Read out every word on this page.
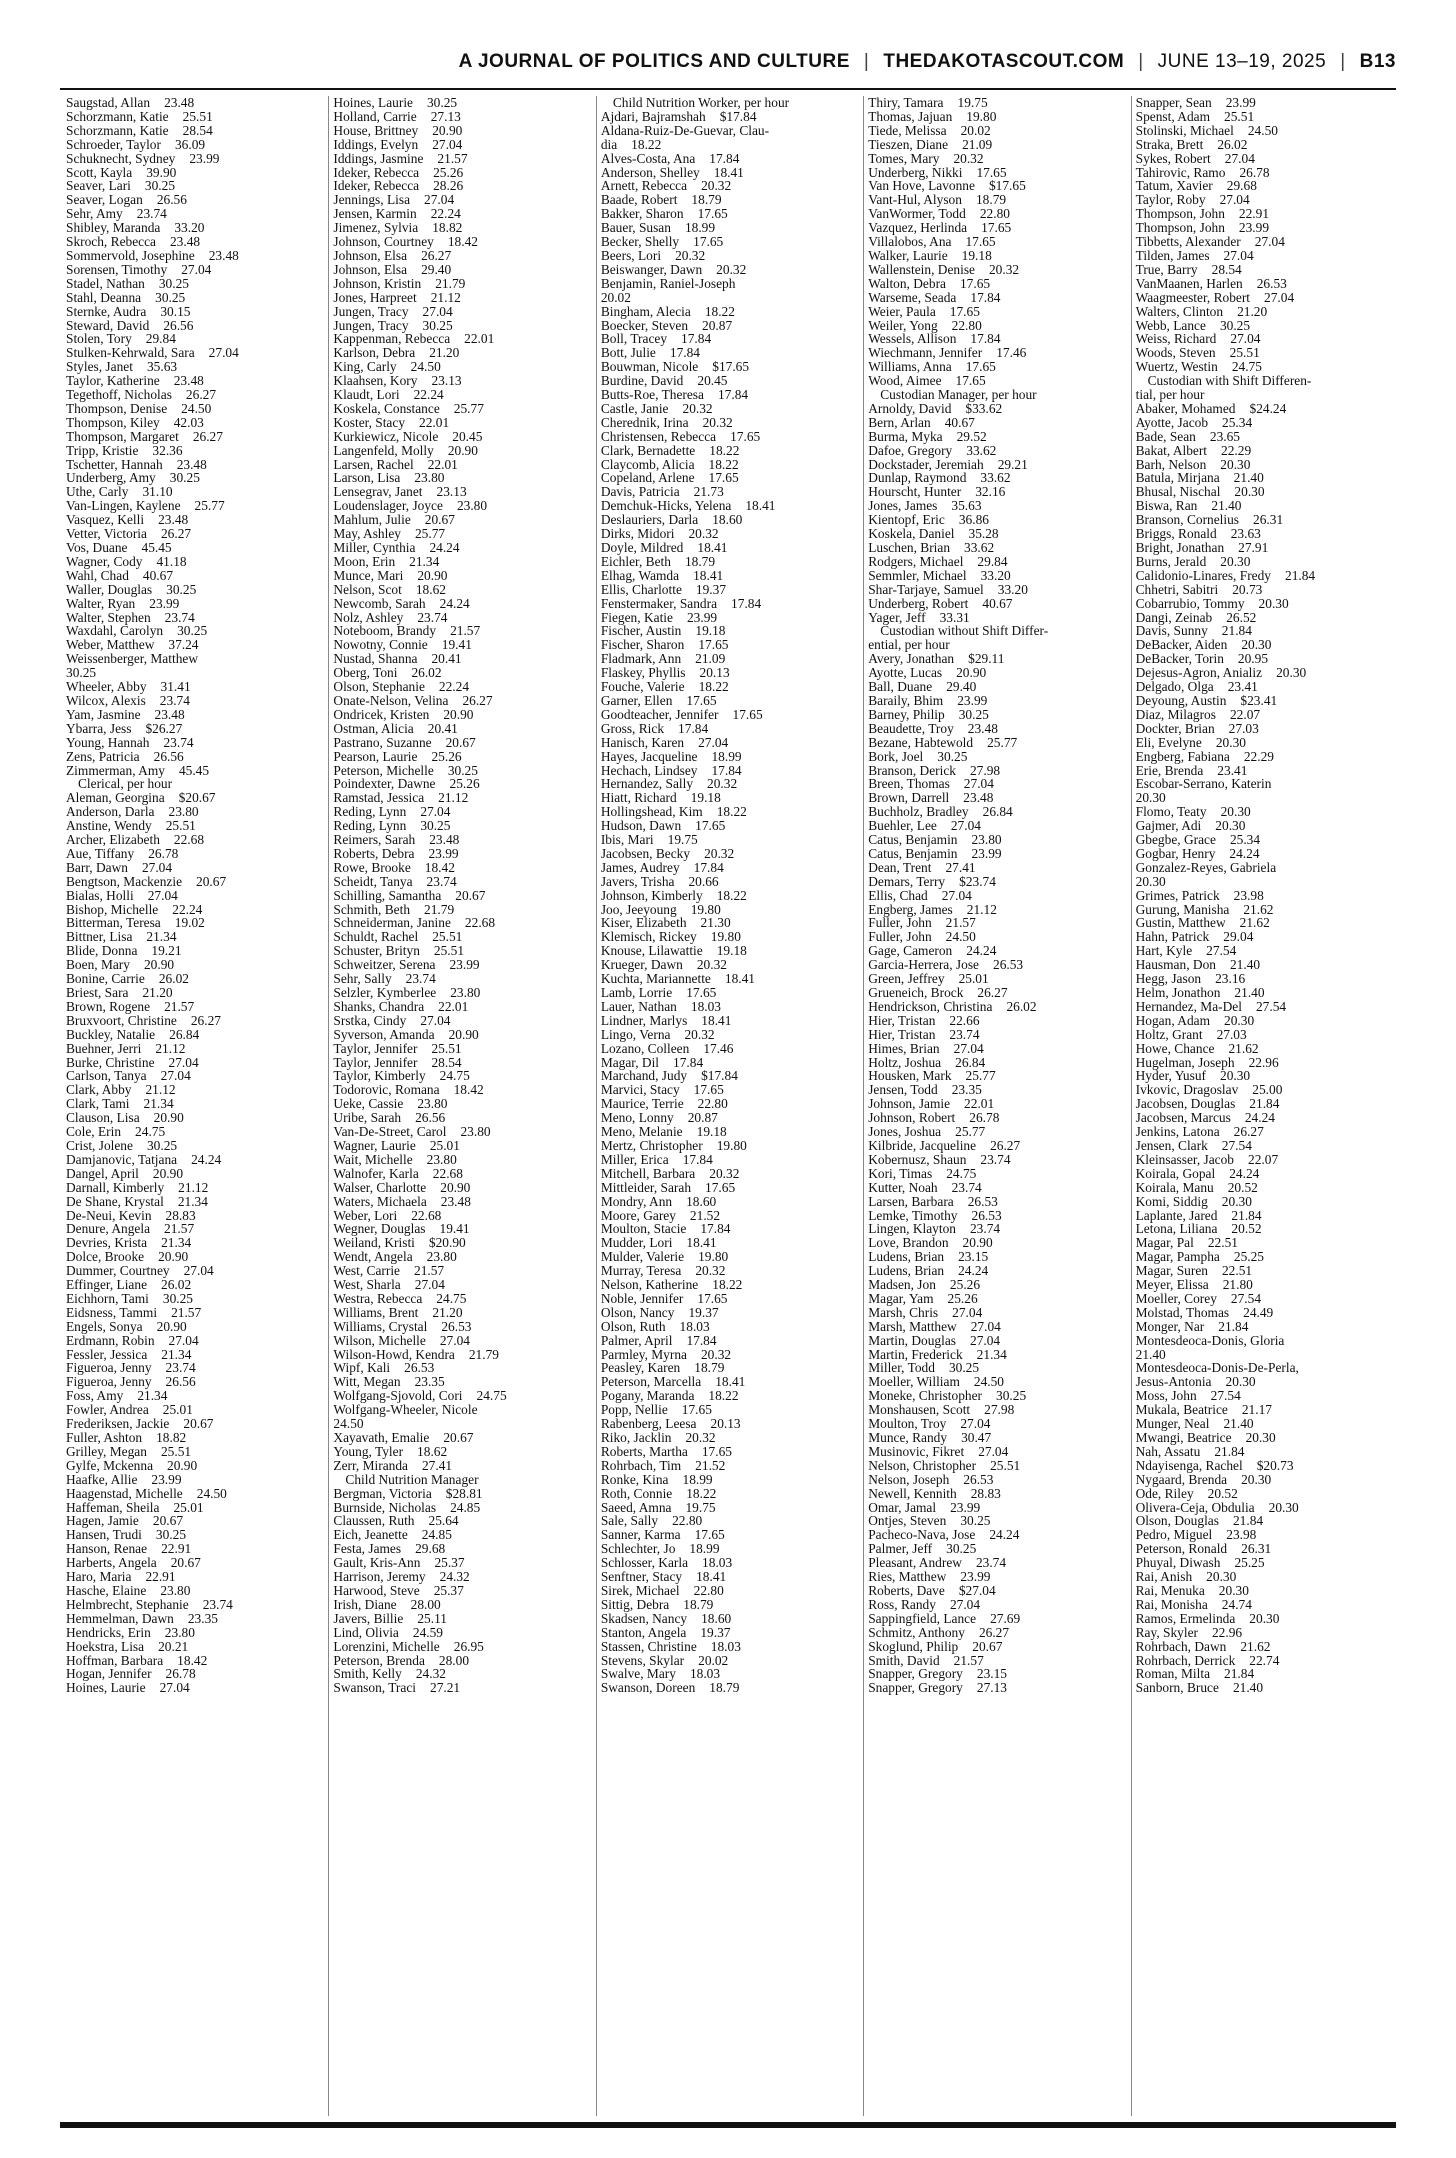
A JOURNAL OF POLITICS AND CULTURE | THEDAKOTASCOUT.COM | JUNE 13–19, 2025 | B13
Saugstad, Allan 23.48
Schorzmann, Katie 25.51
Schorzmann, Katie 28.54
Schroeder, Taylor 36.09
Schuknecht, Sydney 23.99
Scott, Kayla 39.90
Seaver, Lari 30.25
Seaver, Logan 26.56
Sehr, Amy 23.74
Shibley, Maranda 33.20
Skroch, Rebecca 23.48
Sommervold, Josephine 23.48
Sorensen, Timothy 27.04
Stadel, Nathan 30.25
Stahl, Deanna 30.25
Sternke, Audra 30.15
Steward, David 26.56
Stolen, Tory 29.84
Stulken-Kehrwald, Sara 27.04
Styles, Janet 35.63
Taylor, Katherine 23.48
Tegethoff, Nicholas 26.27
Thompson, Denise 24.50
Thompson, Kiley 42.03
Thompson, Margaret 26.27
Tripp, Kristie 32.36
Tschetter, Hannah 23.48
Underberg, Amy 30.25
Uthe, Carly 31.10
Van-Lingen, Kaylene 25.77
Vasquez, Kelli 23.48
Vetter, Victoria 26.27
Vos, Duane 45.45
Wagner, Cody 41.18
Wahl, Chad 40.67
Waller, Douglas 30.25
Walter, Ryan 23.99
Walter, Stephen 23.74
Waxdahl, Carolyn 30.25
Weber, Matthew 37.24
Weissenberger, Matthew
30.25
Wheeler, Abby 31.41
Wilcox, Alexis 23.74
Yam, Jasmine 23.48
Ybarra, Jess $26.27
Young, Hannah 23.74
Zens, Patricia 26.56
Zimmerman, Amy 45.45
Clerical, per hour
Aleman, Georgina $20.67
Anderson, Darla 23.80
Anstine, Wendy 25.51
Archer, Elizabeth 22.68
Aue, Tiffany 26.78
Barr, Dawn 27.04
Bengtson, Mackenzie 20.67
Bialas, Holli 27.04
Bishop, Michelle 22.24
Bitterman, Teresa 19.02
Bittner, Lisa 21.34
Blide, Donna 19.21
Boen, Mary 20.90
Bonine, Carrie 26.02
Briest, Sara 21.20
Brown, Rogene 21.57
Bruxvoort, Christine 26.27
Buckley, Natalie 26.84
Buehner, Jerri 21.12
Burke, Christine 27.04
Carlson, Tanya 27.04
Clark, Abby 21.12
Clark, Tami 21.34
Clauson, Lisa 20.90
Cole, Erin 24.75
Crist, Jolene 30.25
Damjanovic, Tatjana 24.24
Dangel, April 20.90
Darnall, Kimberly 21.12
De Shane, Krystal 21.34
De-Neui, Kevin 28.83
Denure, Angela 21.57
Devries, Krista 21.34
Dolce, Brooke 20.90
Dummer, Courtney 27.04
Effinger, Liane 26.02
Eichhorn, Tami 30.25
Eidsness, Tammi 21.57
Engels, Sonya 20.90
Erdmann, Robin 27.04
Fessler, Jessica 21.34
Figueroa, Jenny 23.74
Figueroa, Jenny 26.56
Foss, Amy 21.34
Fowler, Andrea 25.01
Frederiksen, Jackie 20.67
Fuller, Ashton 18.82
Grilley, Megan 25.51
Gylfe, Mckenna 20.90
Haafke, Allie 23.99
Haagenstad, Michelle 24.50
Haffeman, Sheila 25.01
Hagen, Jamie 20.67
Hansen, Trudi 30.25
Hanson, Renae 22.91
Harberts, Angela 20.67
Haro, Maria 22.91
Hasche, Elaine 23.80
Helmbrecht, Stephanie 23.74
Hemmelman, Dawn 23.35
Hendricks, Erin 23.80
Hoekstra, Lisa 20.21
Hoffman, Barbara 18.42
Hogan, Jennifer 26.78
Hoines, Laurie 27.04
Hoines, Laurie 30.25
Holland, Carrie 27.13
House, Brittney 20.90
Iddings, Evelyn 27.04
Iddings, Jasmine 21.57
Ideker, Rebecca 25.26
Ideker, Rebecca 28.26
Jennings, Lisa 27.04
Jensen, Karmin 22.24
Jimenez, Sylvia 18.82
Johnson, Courtney 18.42
Johnson, Elsa 26.27
Johnson, Elsa 29.40
Johnson, Kristin 21.79
Jones, Harpreet 21.12
Jungen, Tracy 27.04
Jungen, Tracy 30.25
Kappenman, Rebecca 22.01
Karlson, Debra 21.20
King, Carly 24.50
Klaahsen, Kory 23.13
Klaudt, Lori 22.24
Koskela, Constance 25.77
Koster, Stacy 22.01
Kurkiewicz, Nicole 20.45
Langenfeld, Molly 20.90
Larsen, Rachel 22.01
Larson, Lisa 23.80
Lensegrav, Janet 23.13
Loudenslager, Joyce 23.80
Mahlum, Julie 20.67
May, Ashley 25.77
Miller, Cynthia 24.24
Moon, Erin 21.34
Munce, Mari 20.90
Nelson, Scot 18.62
Newcomb, Sarah 24.24
Nolz, Ashley 23.74
Noteboom, Brandy 21.57
Nowotny, Connie 19.41
Nustad, Shanna 20.41
Oberg, Toni 26.02
Olson, Stephanie 22.24
Onate-Nelson, Velina 26.27
Ondricek, Kristen 20.90
Ostman, Alicia 20.41
Pastrano, Suzanne 20.67
Pearson, Laurie 25.26
Peterson, Michelle 30.25
Poindexter, Dawne 25.26
Ramstad, Jessica 21.12
Reding, Lynn 27.04
Reding, Lynn 30.25
Reimers, Sarah 23.48
Roberts, Debra 23.99
Rowe, Brooke 18.42
Scheidt, Tanya 23.74
Schilling, Samantha 20.67
Schmith, Beth 21.79
Schneiderman, Janine 22.68
Schuldt, Rachel 25.51
Schuster, Brityn 25.51
Schweitzer, Serena 23.99
Sehr, Sally 23.74
Selzler, Kymberlee 23.80
Shanks, Chandra 22.01
Srstka, Cindy 27.04
Syverson, Amanda 20.90
Taylor, Jennifer 25.51
Taylor, Jennifer 28.54
Taylor, Kimberly 24.75
Todorovic, Romana 18.42
Ueke, Cassie 23.80
Uribe, Sarah 26.56
Van-De-Street, Carol 23.80
Wagner, Laurie 25.01
Wait, Michelle 23.80
Walnofer, Karla 22.68
Walser, Charlotte 20.90
Waters, Michaela 23.48
Weber, Lori 22.68
Wegner, Douglas 19.41
Weiland, Kristi $20.90
Wendt, Angela 23.80
West, Carrie 21.57
West, Sharla 27.04
Westra, Rebecca 24.75
Williams, Brent 21.20
Williams, Crystal 26.53
Wilson, Michelle 27.04
Wilson-Howd, Kendra 21.79
Wipf, Kali 26.53
Witt, Megan 23.35
Wolfgang-Sjovold, Cori 24.75
Wolfgang-Wheeler, Nicole
24.50
Xayavath, Emalie 20.67
Young, Tyler 18.62
Zerr, Miranda 27.41
Child Nutrition Manager
Bergman, Victoria $28.81
Burnside, Nicholas 24.85
Claussen, Ruth 25.64
Eich, Jeanette 24.85
Festa, James 29.68
Gault, Kris-Ann 25.37
Harrison, Jeremy 24.32
Harwood, Steve 25.37
Irish, Diane 28.00
Javers, Billie 25.11
Lind, Olivia 24.59
Lorenzini, Michelle 26.95
Peterson, Brenda 28.00
Smith, Kelly 24.32
Swanson, Traci 27.21
Child Nutrition Worker, per hour
Ajdari, Bajramshah $17.84
Aldana-Ruiz-De-Guevar, Clau-
dia 18.22
Alves-Costa, Ana 17.84
Anderson, Shelley 18.41
Arnett, Rebecca 20.32
Baade, Robert 18.79
Bakker, Sharon 17.65
Bauer, Susan 18.99
Becker, Shelly 17.65
Beers, Lori 20.32
Beiswanger, Dawn 20.32
Benjamin, Raniel-Joseph
20.02
Bingham, Alecia 18.22
Boecker, Steven 20.87
Boll, Tracey 17.84
Bott, Julie 17.84
Bouwman, Nicole $17.65
Burdine, David 20.45
Butts-Roe, Theresa 17.84
Castle, Janie 20.32
Cherednik, Irina 20.32
Christensen, Rebecca 17.65
Clark, Bernadette 18.22
Claycomb, Alicia 18.22
Copeland, Arlene 17.65
Davis, Patricia 21.73
Demchuk-Hicks, Yelena 18.41
Deslauriers, Darla 18.60
Dirks, Midori 20.32
Doyle, Mildred 18.41
Eichler, Beth 18.79
Elhag, Wamda 18.41
Ellis, Charlotte 19.37
Fenstermaker, Sandra 17.84
Fiegen, Katie 23.99
Fischer, Austin 19.18
Fischer, Sharon 17.65
Fladmark, Ann 21.09
Flaskey, Phyllis 20.13
Fouche, Valerie 18.22
Garner, Ellen 17.65
Goodteacher, Jennifer 17.65
Gross, Rick 17.84
Hanisch, Karen 27.04
Hayes, Jacqueline 18.99
Hechach, Lindsey 17.84
Hernandez, Sally 20.32
Hiatt, Richard 19.18
Hollingshead, Kim 18.22
Hudson, Dawn 17.65
Ibis, Mari 19.75
Jacobsen, Becky 20.32
James, Audrey 17.84
Javers, Trisha 20.66
Johnson, Kimberly 18.22
Joo, Jeeyoung 19.80
Kiser, Elizabeth 21.30
Klemisch, Rickey 19.80
Knouse, Lilawattie 19.18
Krueger, Dawn 20.32
Kuchta, Mariannette 18.41
Lamb, Lorrie 17.65
Lauer, Nathan 18.03
Lindner, Marlys 18.41
Lingo, Verna 20.32
Lozano, Colleen 17.46
Magar, Dil 17.84
Marchand, Judy $17.84
Marvici, Stacy 17.65
Maurice, Terrie 22.80
Meno, Lonny 20.87
Meno, Melanie 19.18
Mertz, Christopher 19.80
Miller, Erica 17.84
Mitchell, Barbara 20.32
Mittleider, Sarah 17.65
Mondry, Ann 18.60
Moore, Garey 21.52
Moulton, Stacie 17.84
Mudder, Lori 18.41
Mulder, Valerie 19.80
Murray, Teresa 20.32
Nelson, Katherine 18.22
Noble, Jennifer 17.65
Olson, Nancy 19.37
Olson, Ruth 18.03
Palmer, April 17.84
Parmley, Myrna 20.32
Peasley, Karen 18.79
Peterson, Marcella 18.41
Pogany, Maranda 18.22
Popp, Nellie 17.65
Rabenberg, Leesa 20.13
Riko, Jacklin 20.32
Roberts, Martha 17.65
Rohrbach, Tim 21.52
Ronke, Kina 18.99
Roth, Connie 18.22
Saeed, Amna 19.75
Sale, Sally 22.80
Sanner, Karma 17.65
Schlechter, Jo 18.99
Schlosser, Karla 18.03
Senftner, Stacy 18.41
Sirek, Michael 22.80
Sittig, Debra 18.79
Skadsen, Nancy 18.60
Stanton, Angela 19.37
Stassen, Christine 18.03
Stevens, Skylar 20.02
Swalve, Mary 18.03
Swanson, Doreen 18.79
Thiry, Tamara 19.75
Thomas, Jajuan 19.80
Tiede, Melissa 20.02
Tieszen, Diane 21.09
Tomes, Mary 20.32
Underberg, Nikki 17.65
Van Hove, Lavonne $17.65
Vant-Hul, Alyson 18.79
VanWormer, Todd 22.80
Vazquez, Herlinda 17.65
Villalobos, Ana 17.65
Walker, Laurie 19.18
Wallenstein, Denise 20.32
Walton, Debra 17.65
Warseme, Seada 17.84
Weier, Paula 17.65
Weiler, Yong 22.80
Wessels, Allison 17.84
Wiechmann, Jennifer 17.46
Williams, Anna 17.65
Wood, Aimee 17.65
Custodian Manager, per hour
Arnoldy, David $33.62
Bern, Arlan 40.67
Burma, Myka 29.52
Dafoe, Gregory 33.62
Dockstader, Jeremiah 29.21
Dunlap, Raymond 33.62
Hourscht, Hunter 32.16
Jones, James 35.63
Kientopf, Eric 36.86
Koskela, Daniel 35.28
Luschen, Brian 33.62
Rodgers, Michael 29.84
Semmler, Michael 33.20
Shar-Tarjaye, Samuel 33.20
Underberg, Robert 40.67
Yager, Jeff 33.31
Custodian without Shift Differ-
ential, per hour
Avery, Jonathan $29.11
Ayotte, Lucas 20.90
Ball, Duane 29.40
Baraily, Bhim 23.99
Barney, Philip 30.25
Beaudette, Troy 23.48
Bezane, Habtewold 25.77
Bork, Joel 30.25
Branson, Derick 27.98
Breen, Thomas 27.04
Brown, Darrell 23.48
Buchholz, Bradley 26.84
Buehler, Lee 27.04
Catus, Benjamin 23.80
Catus, Benjamin 23.99
Dean, Trent 27.41
Demars, Terry $23.74
Ellis, Chad 27.04
Engberg, James 21.12
Fuller, John 21.57
Fuller, John 24.50
Gage, Cameron 24.24
Garcia-Herrera, Jose 26.53
Green, Jeffrey 25.01
Grueneich, Brock 26.27
Hendrickson, Christina 26.02
Hier, Tristan 22.66
Hier, Tristan 23.74
Himes, Brian 27.04
Holtz, Joshua 26.84
Housken, Mark 25.77
Jensen, Todd 23.35
Johnson, Jamie 22.01
Johnson, Robert 26.78
Jones, Joshua 25.77
Kilbride, Jacqueline 26.27
Kobernusz, Shaun 23.74
Kori, Timas 24.75
Kutter, Noah 23.74
Larsen, Barbara 26.53
Lemke, Timothy 26.53
Lingen, Klayton 23.74
Love, Brandon 20.90
Ludens, Brian 23.15
Ludens, Brian 24.24
Madsen, Jon 25.26
Magar, Yam 25.26
Marsh, Chris 27.04
Marsh, Matthew 27.04
Martin, Douglas 27.04
Martin, Frederick 21.34
Miller, Todd 30.25
Moeller, William 24.50
Moneke, Christopher 30.25
Monshausen, Scott 27.98
Moulton, Troy 27.04
Munce, Randy 30.47
Musinovic, Fikret 27.04
Nelson, Christopher 25.51
Nelson, Joseph 26.53
Newell, Kennith 28.83
Omar, Jamal 23.99
Ontjes, Steven 30.25
Pacheco-Nava, Jose 24.24
Palmer, Jeff 30.25
Pleasant, Andrew 23.74
Ries, Matthew 23.99
Roberts, Dave $27.04
Ross, Randy 27.04
Sappingfield, Lance 27.69
Schmitz, Anthony 26.27
Skoglund, Philip 20.67
Smith, David 21.57
Snapper, Gregory 23.15
Snapper, Gregory 27.13
Snapper, Sean 23.99
Spenst, Adam 25.51
Stolinski, Michael 24.50
Straka, Brett 26.02
Sykes, Robert 27.04
Tahirovic, Ramo 26.78
Tatum, Xavier 29.68
Taylor, Roby 27.04
Thompson, John 22.91
Thompson, John 23.99
Tibbetts, Alexander 27.04
Tilden, James 27.04
True, Barry 28.54
VanMaanen, Harlen 26.53
Waagmeester, Robert 27.04
Walters, Clinton 21.20
Webb, Lance 30.25
Weiss, Richard 27.04
Woods, Steven 25.51
Wuertz, Westin 24.75
Custodian with Shift Differen-
tial, per hour
Abaker, Mohamed $24.24
Ayotte, Jacob 25.34
Bade, Sean 23.65
Bakat, Albert 22.29
Barh, Nelson 20.30
Batula, Mirjana 21.40
Bhusal, Nischal 20.30
Biswa, Ran 21.40
Branson, Cornelius 26.31
Briggs, Ronald 23.63
Bright, Jonathan 27.91
Burns, Jerald 20.30
Calidonio-Linares, Fredy 21.84
Chhetri, Sabitri 20.73
Cobarrubio, Tommy 20.30
Dangi, Zeinab 26.52
Davis, Sunny 21.84
DeBacker, Aiden 20.30
DeBacker, Torin 20.95
Dejesus-Agron, Anializ 20.30
Delgado, Olga 23.41
Deyoung, Austin $23.41
Diaz, Milagros 22.07
Dockter, Brian 27.03
Eli, Evelyne 20.30
Engberg, Fabiana 22.29
Erie, Brenda 23.41
Escobar-Serrano, Katerin
20.30
Flomo, Teaty 20.30
Gajmer, Adi 20.30
Gbegbe, Grace 25.34
Gogbar, Henry 24.24
Gonzalez-Reyes, Gabriela
20.30
Grimes, Patrick 23.98
Gurung, Manisha 21.62
Gustin, Matthew 21.62
Hahn, Patrick 29.04
Hart, Kyle 27.54
Hausman, Don 21.40
Hegg, Jason 23.16
Helm, Jonathon 21.40
Hernandez, Ma-Del 27.54
Hogan, Adam 20.30
Holtz, Grant 27.03
Howe, Chance 21.62
Hugelman, Joseph 22.96
Hyder, Yusuf 20.30
Ivkovic, Dragoslav 25.00
Jacobsen, Douglas 21.84
Jacobsen, Marcus 24.24
Jenkins, Latona 26.27
Jensen, Clark 27.54
Kleinsasser, Jacob 22.07
Koirala, Gopal 24.24
Koirala, Manu 20.52
Komi, Siddig 20.30
Laplante, Jared 21.84
Letona, Liliana 20.52
Magar, Pal 22.51
Magar, Pampha 25.25
Magar, Suren 22.51
Meyer, Elissa 21.80
Moeller, Corey 27.54
Molstad, Thomas 24.49
Monger, Nar 21.84
Montesdeoca-Donis, Gloria
21.40
Montesdeoca-Donis-De-Perla,
Jesus-Antonia 20.30
Moss, John 27.54
Mukala, Beatrice 21.17
Munger, Neal 21.40
Mwangi, Beatrice 20.30
Nah, Assatu 21.84
Ndayisenga, Rachel $20.73
Nygaard, Brenda 20.30
Ode, Riley 20.52
Olivera-Ceja, Obdulia 20.30
Olson, Douglas 21.84
Pedro, Miguel 23.98
Peterson, Ronald 26.31
Phuyal, Diwash 25.25
Rai, Anish 20.30
Rai, Menuka 20.30
Rai, Monisha 24.74
Ramos, Ermelinda 20.30
Ray, Skyler 22.96
Rohrbach, Dawn 21.62
Rohrbach, Derrick 22.74
Roman, Milta 21.84
Sanborn, Bruce 21.40
